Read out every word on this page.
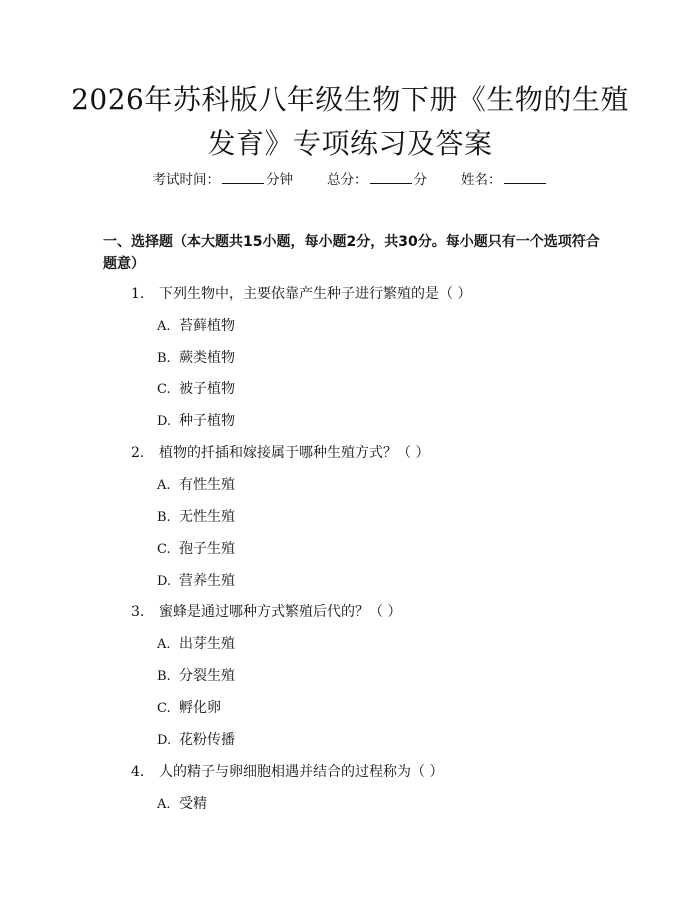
2026年苏科版八年级生物下册《生物的生殖
发育》专项练习及答案
考试时间：	分钟	总分：	分	姓名：
一、选择题（本大题共15小题，每小题2分，共30分。每小题只有一个选项符合题意）
1. 下列生物中，主要依靠产生种子进行繁殖的是（ ）
A. 苔藓植物
B. 蕨类植物
C. 被子植物
D. 种子植物
2. 植物的扦插和嫁接属于哪种生殖方式？（ ）
A. 有性生殖
B. 无性生殖
C. 孢子生殖
D. 营养生殖
3. 蜜蜂是通过哪种方式繁殖后代的？（ ）
A. 出芽生殖
B. 分裂生殖
C. 孵化卵
D. 花粉传播
4. 人的精子与卵细胞相遇并结合的过程称为（ ）
A. 受精
